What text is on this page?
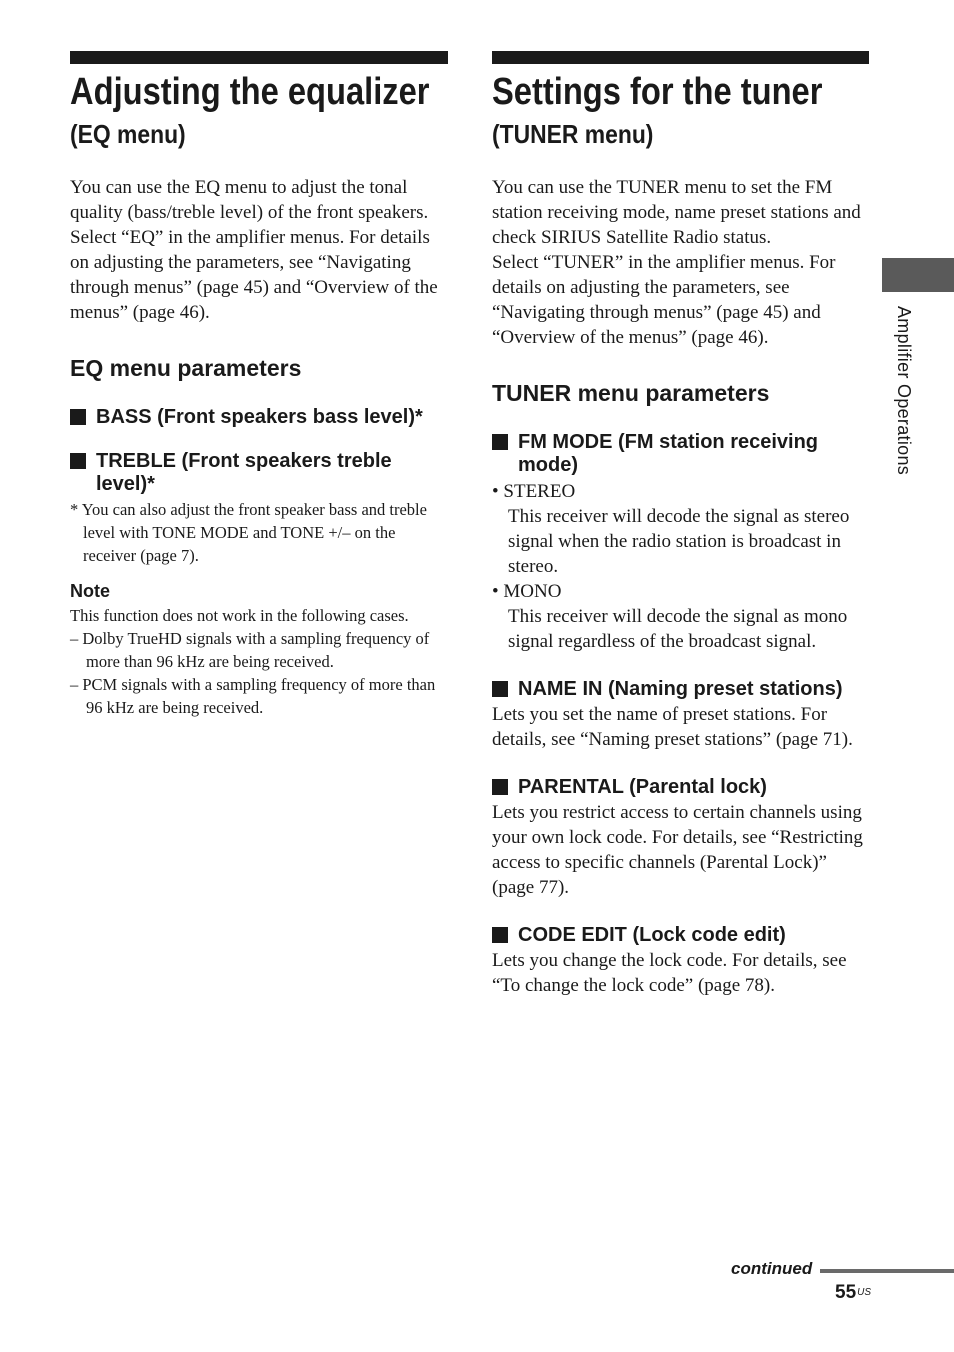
Adjusting the equalizer
(EQ menu)

You can use the EQ menu to adjust the tonal quality (bass/treble level) of the front speakers.

Select “EQ” in the amplifier menus. For details on adjusting the parameters, see “Navigating through menus” (page 45) and “Overview of the menus” (page 46).

EQ menu parameters
BASS (Front speakers bass level)*
TREBLE (Front speakers treble level)*

* You can also adjust the front speaker bass and treble level with TONE MODE and TONE +/– on the receiver (page 7).

Note

This function does not work in the following cases.

– Dolby TrueHD signals with a sampling frequency of more than 96 kHz are being received.

– PCM signals with a sampling frequency of more than 96 kHz are being received.

Settings for the tuner
(TUNER menu)

You can use the TUNER menu to set the FM station receiving mode, name preset stations and check SIRIUS Satellite Radio status.

Select “TUNER” in the amplifier menus. For details on adjusting the parameters, see “Navigating through menus” (page 45) and “Overview of the menus” (page 46).

TUNER menu parameters
FM MODE (FM station receiving mode)

• STEREO

This receiver will decode the signal as stereo signal when the radio station is broadcast in stereo.

• MONO

This receiver will decode the signal as mono signal regardless of the broadcast signal.

NAME IN (Naming preset stations)

Lets you set the name of preset stations. For details, see “Naming preset stations” (page 71).

PARENTAL (Parental lock)

Lets you restrict access to certain channels using your own lock code. For details, see “Restricting access to specific channels (Parental Lock)” (page 77).

CODE EDIT (Lock code edit)

Lets you change the lock code. For details, see “To change the lock code” (page 78).

Amplifier Operations
continued
$55^{US}$
